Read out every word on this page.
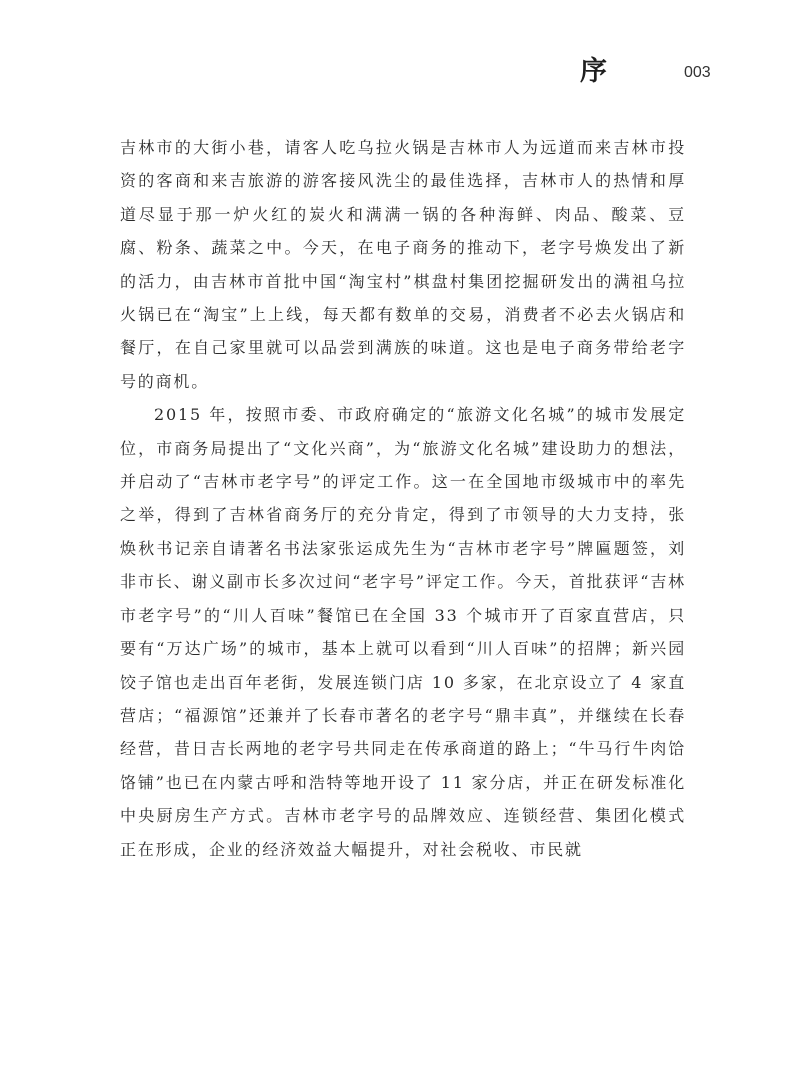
序	003

吉林市的大街小巷，请客人吃乌拉火锅是吉林市人为远道而来吉林市投资的客商和来吉旅游的游客接风洗尘的最佳选择，吉林市人的热情和厚道尽显于那一炉火红的炭火和满满一锅的各种海鲜、肉品、酸菜、豆腐、粉条、蔬菜之中。今天，在电子商务的推动下，老字号焕发出了新的活力，由吉林市首批中国“淘宝村”棋盘村集团挖掘研发出的满祖乌拉火锅已在“淘宝”上上线，每天都有数单的交易，消费者不必去火锅店和餐厅，在自己家里就可以品尝到满族的味道。这也是电子商务带给老字号的商机。

2015 年，按照市委、市政府确定的“旅游文化名城”的城市发展定位，市商务局提出了“文化兴商”，为“旅游文化名城”建设助力的想法，并启动了“吉林市老字号”的评定工作。这一在全国地市级城市中的率先之举，得到了吉林省商务厅的充分肯定，得到了市领导的大力支持，张焕秋书记亲自请著名书法家张运成先生为“吉林市老字号”牌匾题签，刘非市长、谢义副市长多次过问“老字号”评定工作。今天，首批获评“吉林市老字号”的“川人百味”餐馆已在全国 33 个城市开了百家直营店，只要有“万达广场”的城市，基本上就可以看到“川人百味”的招牌；新兴园饺子馆也走出百年老街，发展连锁门店 10 多家，在北京设立了 4 家直营店；“福源馆”还兼并了长春市著名的老字号“鼎丰真”，并继续在长春经营，昔日吉长两地的老字号共同走在传承商道的路上；“牛马行牛肉饸饹铺”也已在内蒙古呼和浩特等地开设了 11 家分店，并正在研发标准化中央厨房生产方式。吉林市老字号的品牌效应、连锁经营、集团化模式正在形成，企业的经济效益大幅提升，对社会税收、市民就
